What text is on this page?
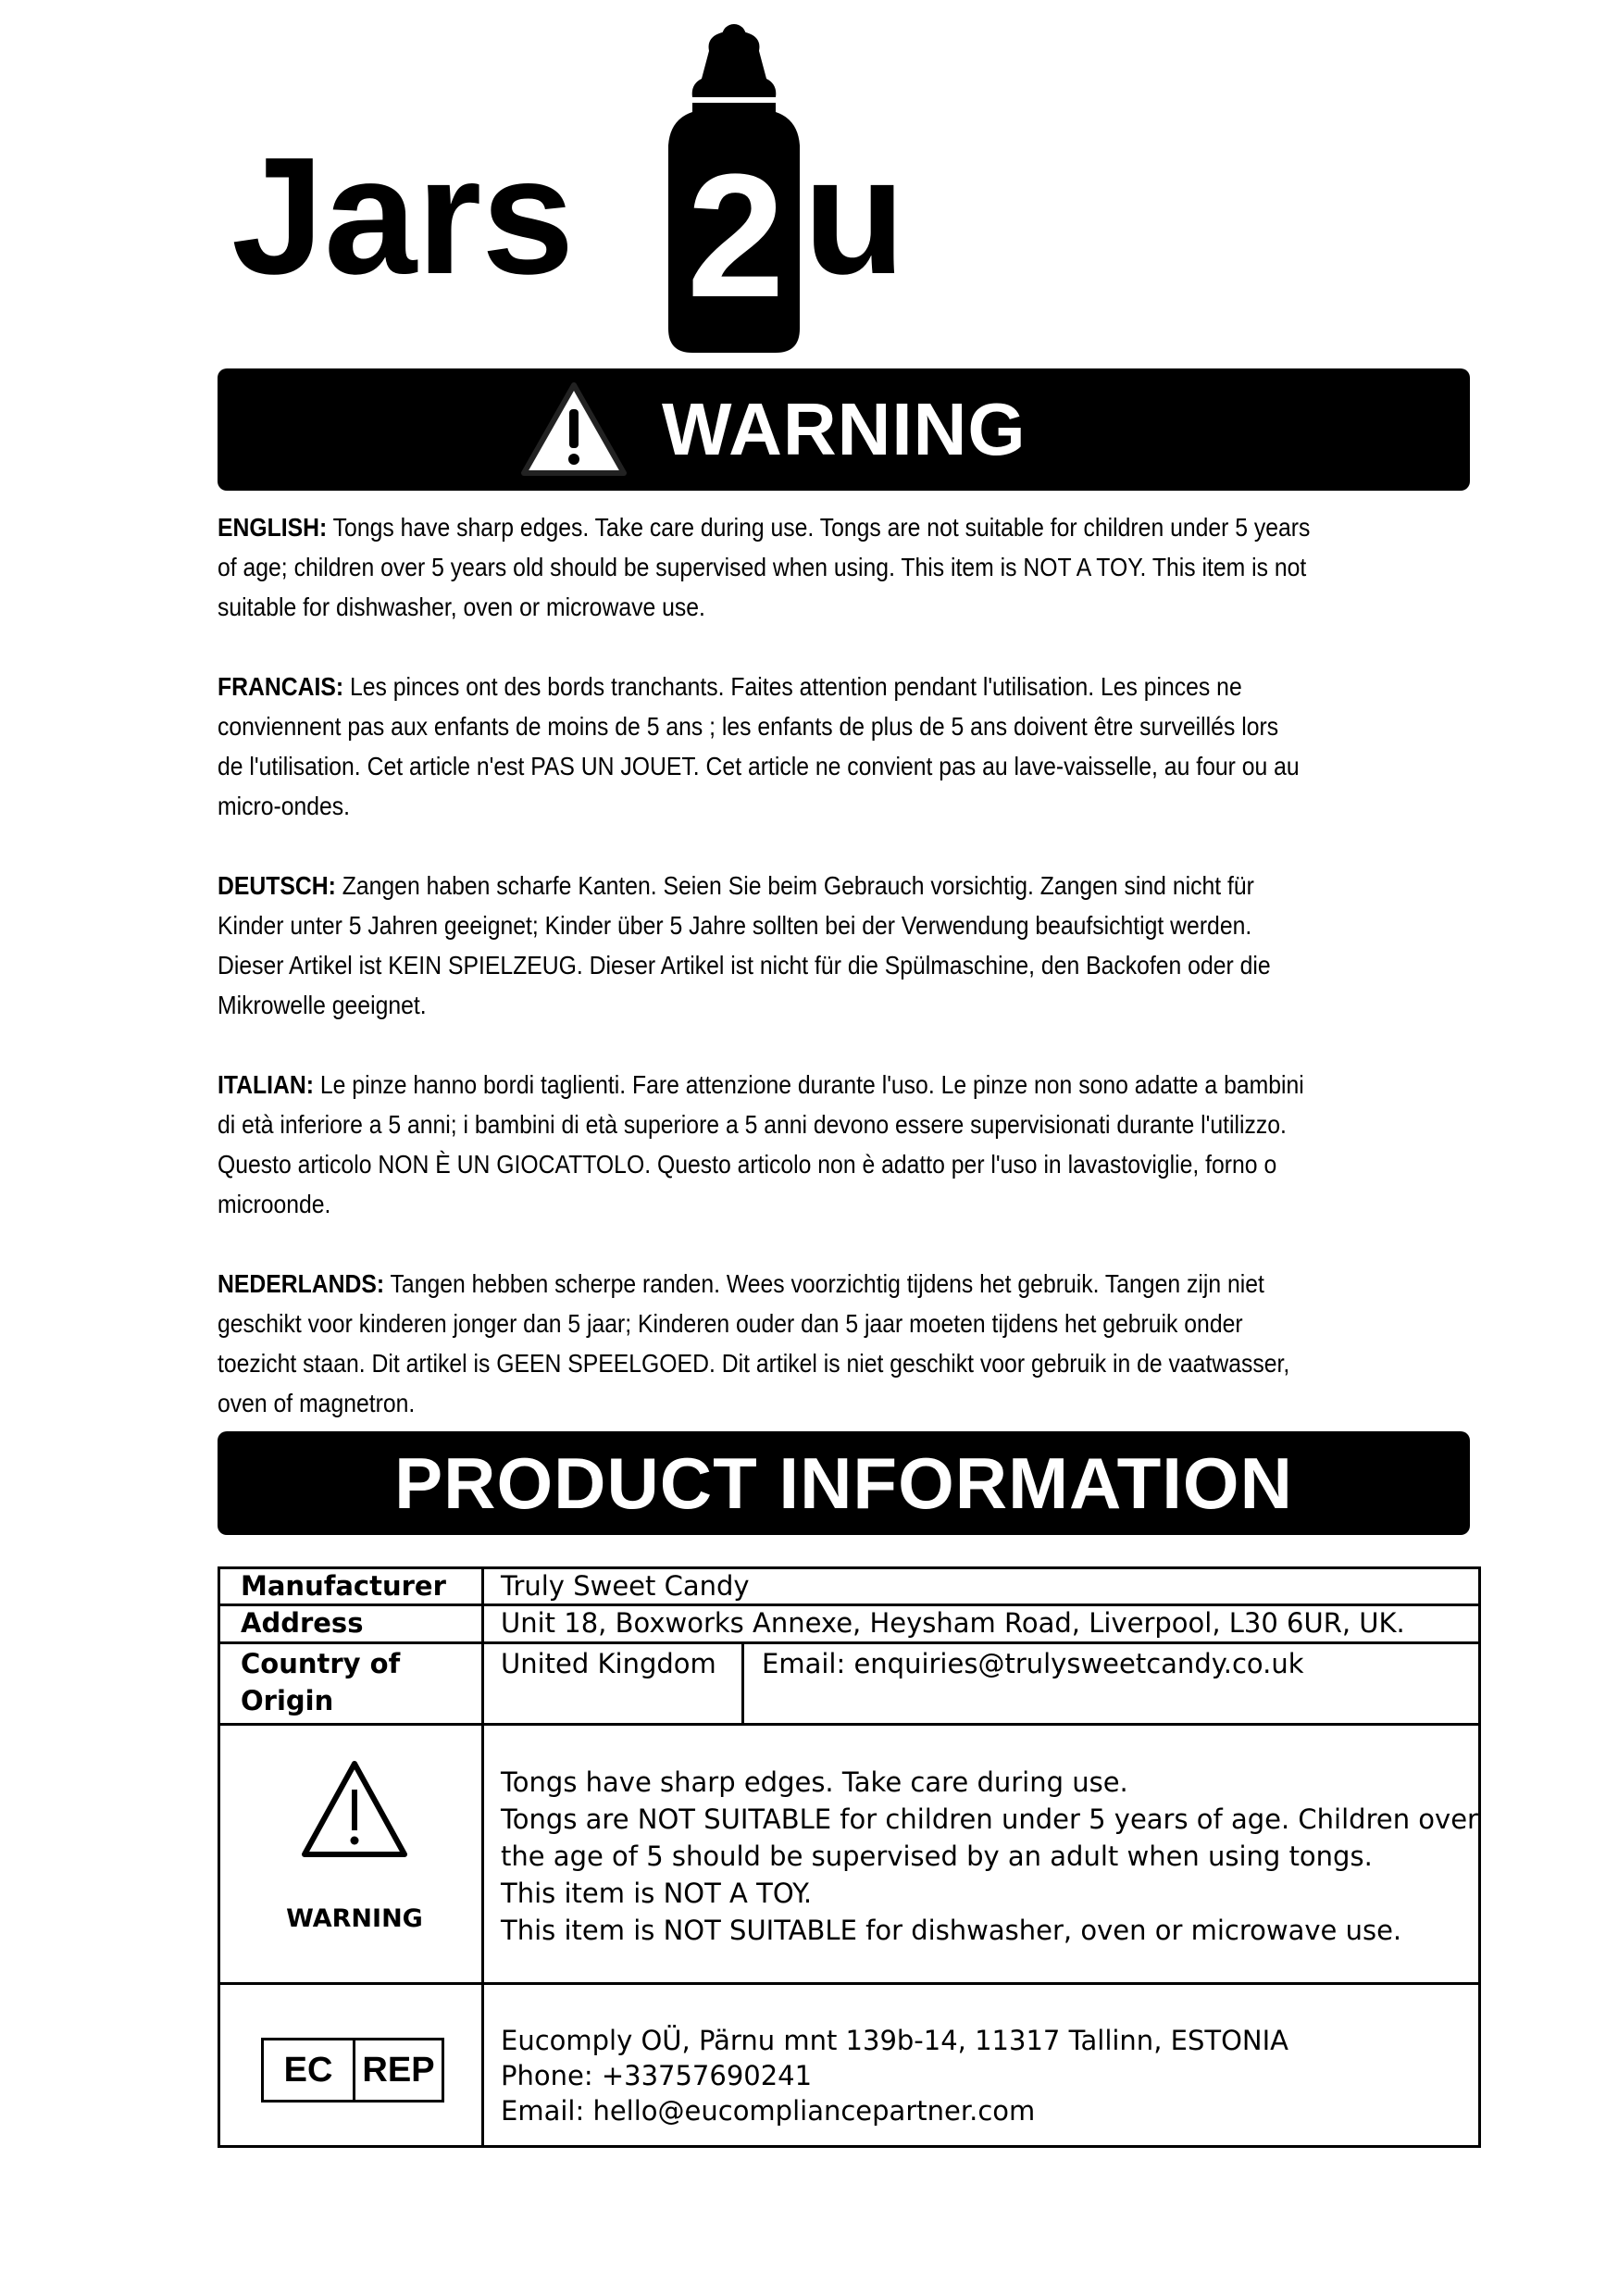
Jars 2 u
WARNING

ENGLISH: Tongs have sharp edges. Take care during use. Tongs are not suitable for children under 5 years
of age; children over 5 years old should be supervised when using. This item is NOT A TOY. This item is not
suitable for dishwasher, oven or microwave use.

FRANCAIS: Les pinces ont des bords tranchants. Faites attention pendant l'utilisation. Les pinces ne
conviennent pas aux enfants de moins de 5 ans ; les enfants de plus de 5 ans doivent être surveillés lors
de l'utilisation. Cet article n'est PAS UN JOUET. Cet article ne convient pas au lave-vaisselle, au four ou au
micro-ondes.

DEUTSCH: Zangen haben scharfe Kanten. Seien Sie beim Gebrauch vorsichtig. Zangen sind nicht für
Kinder unter 5 Jahren geeignet; Kinder über 5 Jahre sollten bei der Verwendung beaufsichtigt werden.
Dieser Artikel ist KEIN SPIELZEUG. Dieser Artikel ist nicht für die Spülmaschine, den Backofen oder die
Mikrowelle geeignet.

ITALIAN: Le pinze hanno bordi taglienti. Fare attenzione durante l'uso. Le pinze non sono adatte a bambini
di età inferiore a 5 anni; i bambini di età superiore a 5 anni devono essere supervisionati durante l'utilizzo.
Questo articolo NON È UN GIOCATTOLO. Questo articolo non è adatto per l'uso in lavastoviglie, forno o
microonde.

NEDERLANDS: Tangen hebben scherpe randen. Wees voorzichtig tijdens het gebruik. Tangen zijn niet
geschikt voor kinderen jonger dan 5 jaar; Kinderen ouder dan 5 jaar moeten tijdens het gebruik onder
toezicht staan. Dit artikel is GEEN SPEELGOED. Dit artikel is niet geschikt voor gebruik in de vaatwasser,
oven of magnetron.

PRODUCT INFORMATION
Manufacturer Truly Sweet Candy
Address	Unit 18, Boxworks Annexe, Heysham Road, Liverpool, L30 6UR, UK.
Country of
Origin
United Kingdom Email: enquiries@trulysweetcandy.co.uk
WARNING
Tongs have sharp edges. Take care during use.
Tongs are NOT SUITABLE for children under 5 years of age. Children over
the age of 5 should be supervised by an adult when using tongs.
This item is NOT A TOY.
This item is NOT SUITABLE for dishwasher, oven or microwave use.
EC REP
Eucomply OÜ, Pärnu mnt 139b-14, 11317 Tallinn, ESTONIA
Phone: +33757690241
Email: hello@eucompliancepartner.com
